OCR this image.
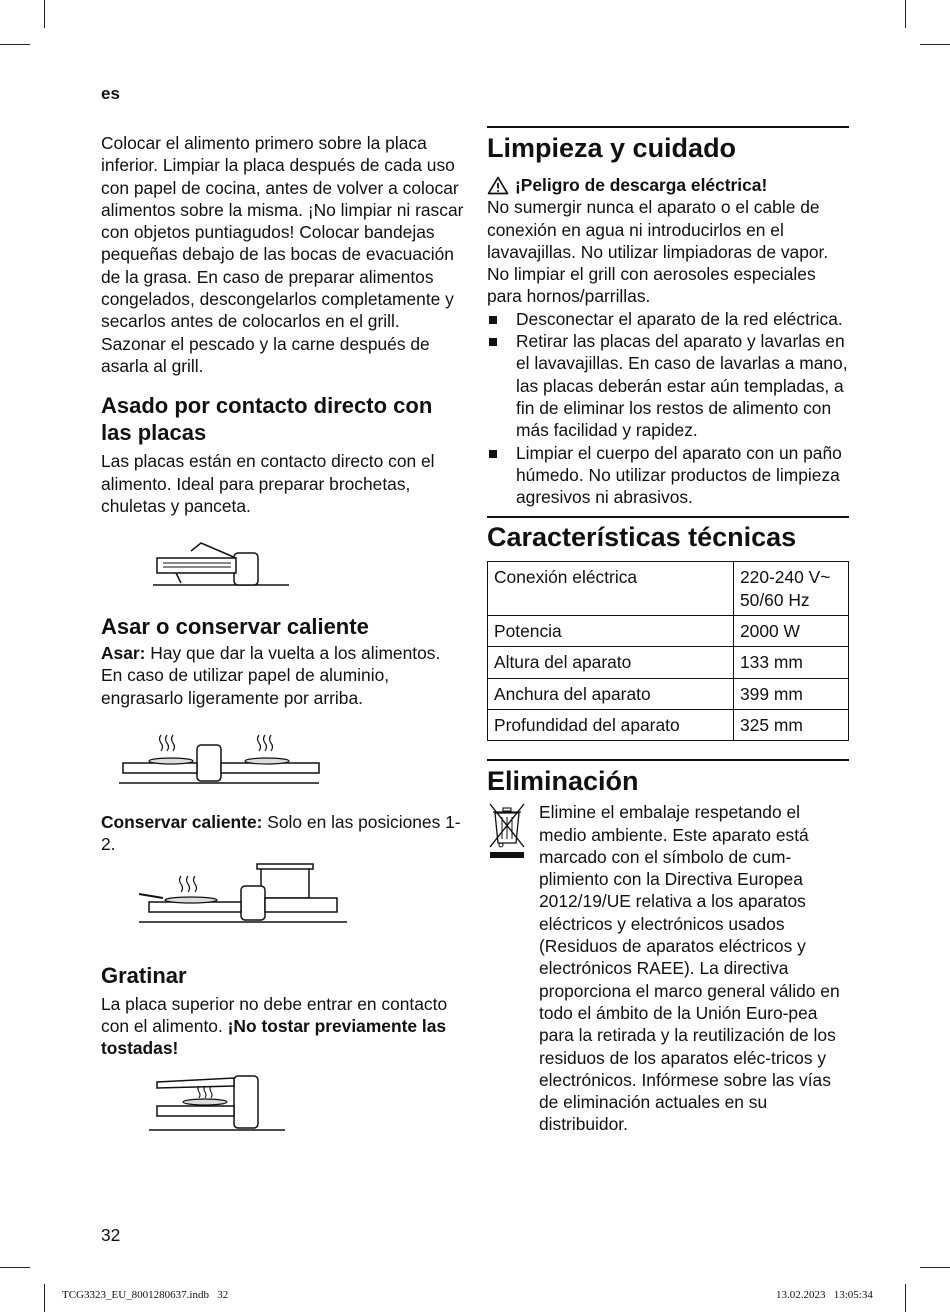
es

Colocar el alimento primero sobre la placa inferior. Limpiar la placa después de cada uso con papel de cocina, antes de volver a colocar alimentos sobre la misma. ¡No limpiar ni rascar con objetos puntiagudos! Colocar bandejas pequeñas debajo de las bocas de evacuación de la grasa. En caso de preparar alimentos congelados, descongelarlos completamente y secarlos antes de colocarlos en el grill. Sazonar el pescado y la carne después de asarla al grill.

Asado por contacto directo con las placas

Las placas están en contacto directo con el alimento. Ideal para preparar brochetas, chuletas y panceta.

Asar o conservar caliente

Asar: Hay que dar la vuelta a los alimentos. En caso de utilizar papel de aluminio, engrasarlo ligeramente por arriba.

Conservar caliente: Solo en las posiciones 1-2.

Gratinar

La placa superior no debe entrar en contacto con el alimento. ¡No tostar previamente las tostadas!

Limpieza y cuidado
¡Peligro de descarga eléctrica!

No sumergir nunca el aparato o el cable de conexión en agua ni introducirlos en el lavavajillas. No utilizar limpiadoras de vapor. No limpiar el grill con aerosoles especiales para hornos/parrillas.

Desconectar el aparato de la red eléctrica.
Retirar las placas del aparato y lavarlas en el lavavajillas. En caso de lavarlas a mano, las placas deberán estar aún templadas, a fin de eliminar los restos de alimento con más facilidad y rapidez.
Limpiar el cuerpo del aparato con un paño húmedo. No utilizar productos de limpieza agresivos ni abrasivos.
Características técnicas
Conexión eléctrica	220-240 V~ 50/60 Hz
Potencia	2000 W
Altura del aparato	133 mm
Anchura del aparato	399 mm
Profundidad del aparato	325 mm
Eliminación

Elimine el embalaje respetando el medio ambiente. Este aparato está marcado con el símbolo de cum-plimiento con la Directiva Europea 2012/19/UE relativa a los aparatos eléctricos y electrónicos usados (Residuos de aparatos eléctricos y electrónicos RAEE). La directiva proporciona el marco general válido en todo el ámbito de la Unión Euro-pea para la retirada y la reutilización de los residuos de los aparatos eléc-tricos y electrónicos. Infórmese sobre las vías de eliminación actuales en su distribuidor.

32
TCG3323_EU_8001280637.indb   32	13.02.2023   13:05:34
